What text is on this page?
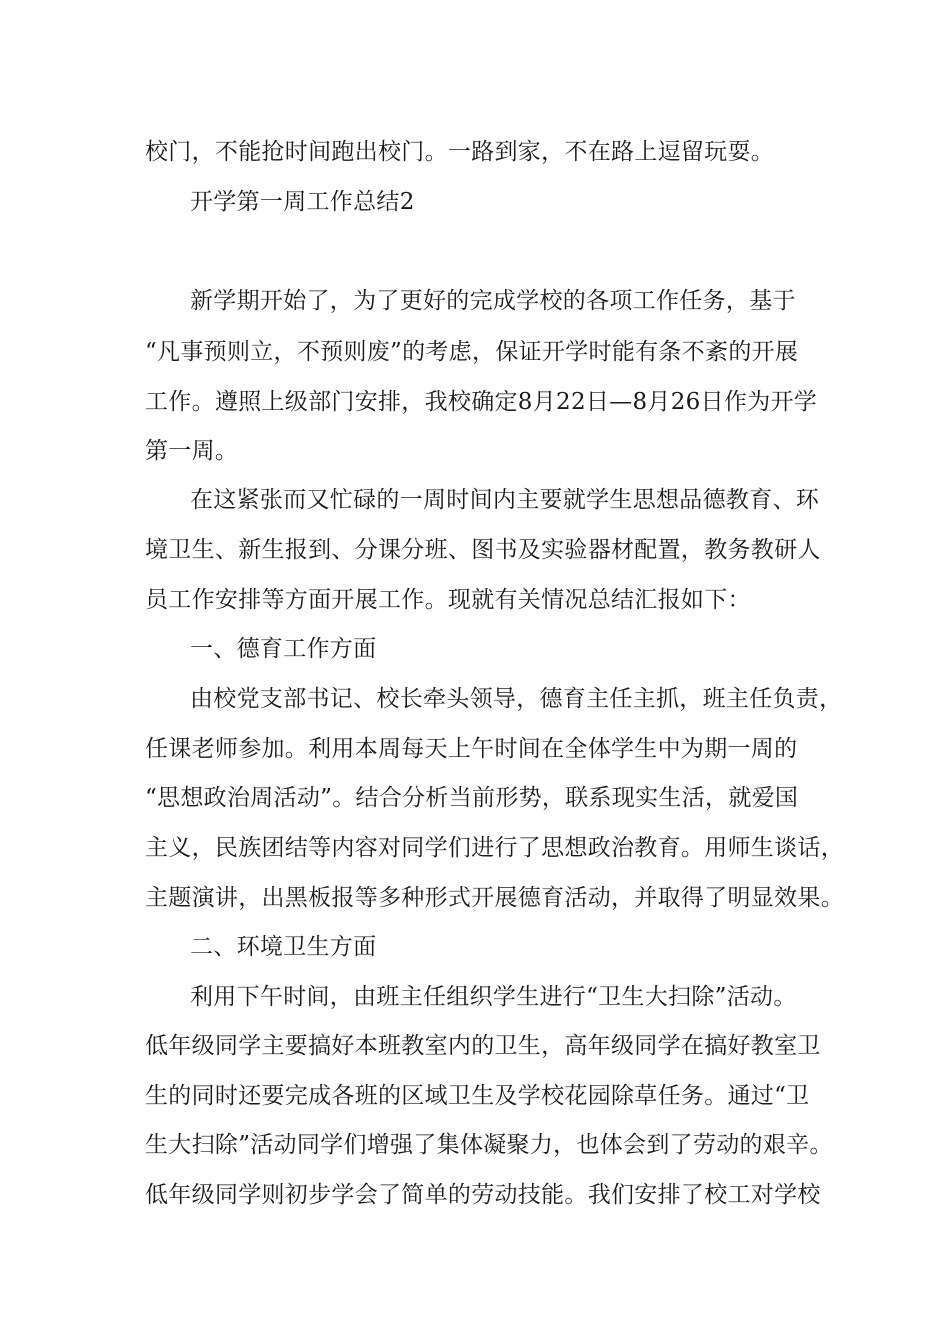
校门，不能抢时间跑出校门。一路到家，不在路上逗留玩耍。
开学第一周工作总结2
新学期开始了，为了更好的完成学校的各项工作任务，基于
“凡事预则立，不预则废”的考虑，保证开学时能有条不紊的开展
工作。遵照上级部门安排，我校确定8月22日—8月26日作为开学
第一周。
在这紧张而又忙碌的一周时间内主要就学生思想品德教育、环
境卫生、新生报到、分课分班、图书及实验器材配置，教务教研人
员工作安排等方面开展工作。现就有关情况总结汇报如下：
一、德育工作方面
由校党支部书记、校长牵头领导，德育主任主抓，班主任负责，
任课老师参加。利用本周每天上午时间在全体学生中为期一周的
“思想政治周活动”。结合分析当前形势，联系现实生活，就爱国
主义，民族团结等内容对同学们进行了思想政治教育。用师生谈话，
主题演讲，出黑板报等多种形式开展德育活动，并取得了明显效果。
二、环境卫生方面
利用下午时间，由班主任组织学生进行“卫生大扫除”活动。
低年级同学主要搞好本班教室内的卫生，高年级同学在搞好教室卫
生的同时还要完成各班的区域卫生及学校花园除草任务。通过“卫
生大扫除”活动同学们增强了集体凝聚力，也体会到了劳动的艰辛。
低年级同学则初步学会了简单的劳动技能。我们安排了校工对学校
